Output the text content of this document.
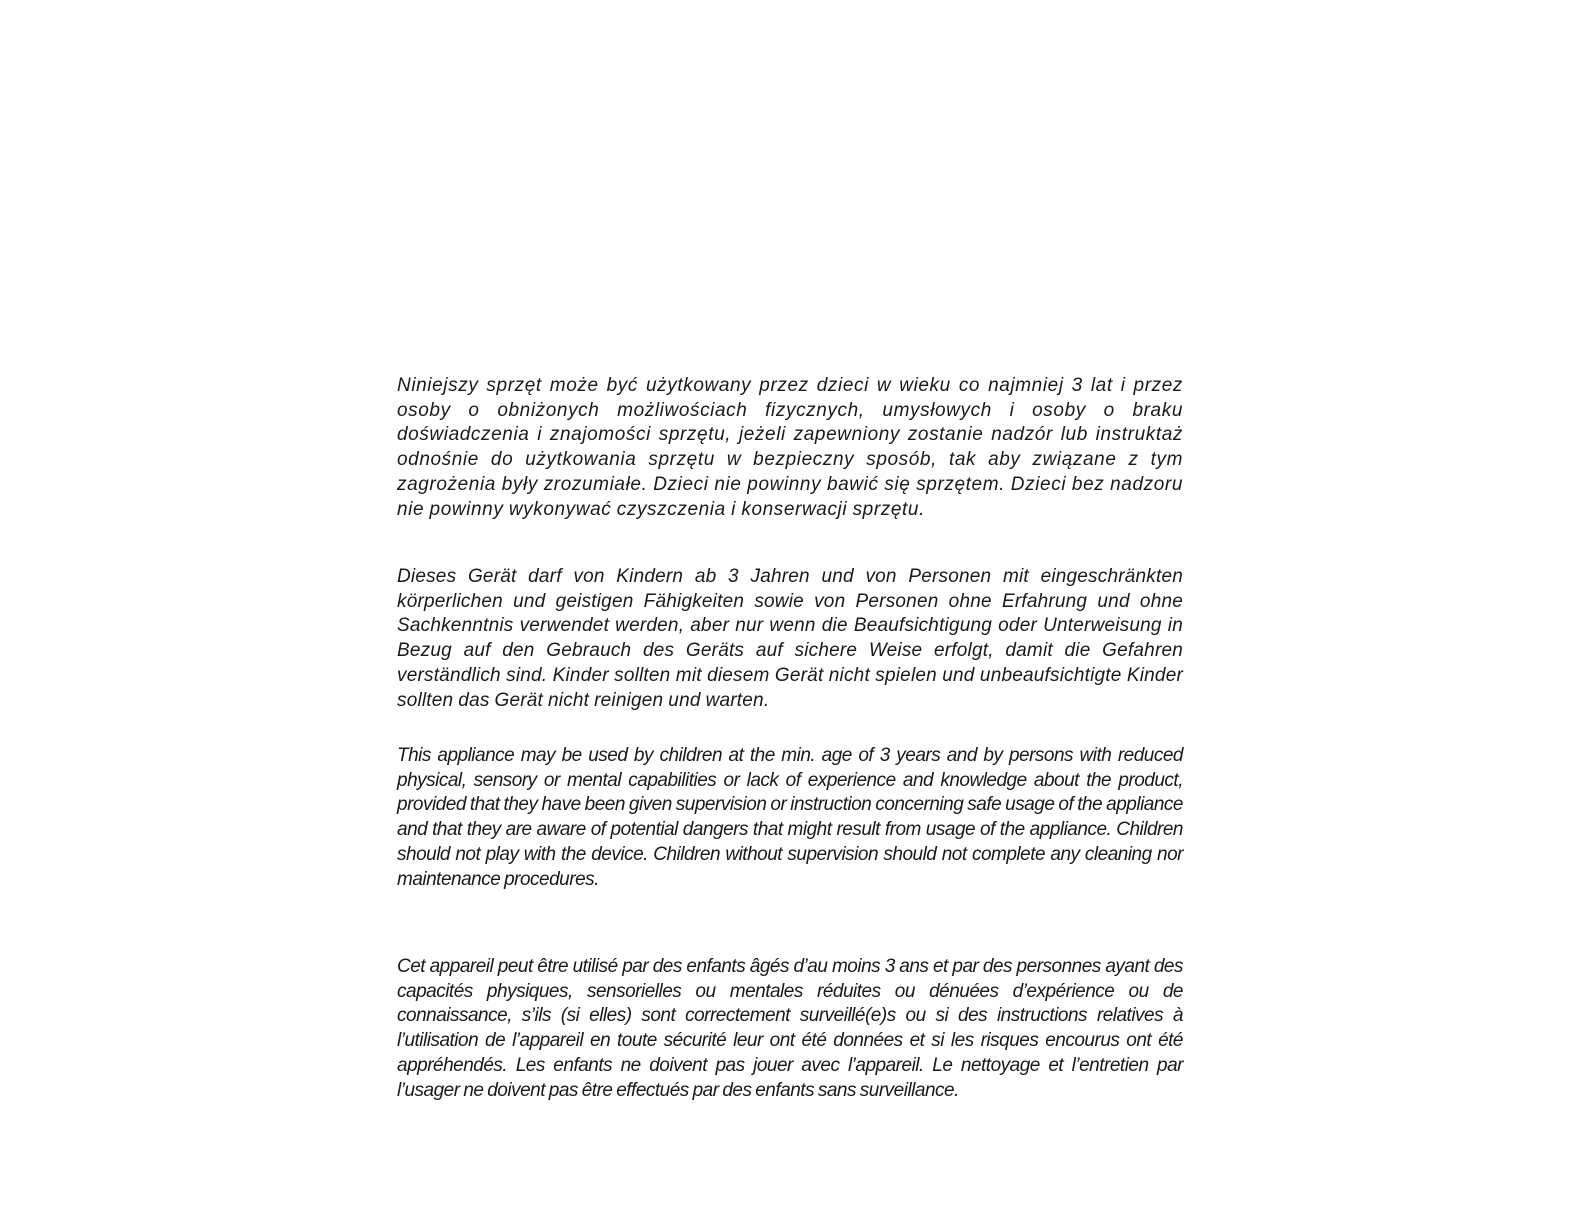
Niniejszy sprzęt może być użytkowany przez dzieci w wieku co najmniej 3 lat i przez osoby o obniżonych możliwościach fizycznych, umysłowych i osoby o braku doświadczenia i znajomości sprzętu, jeżeli zapewniony zostanie nadzór lub instruktaż odnośnie do użytkowania sprzętu w bezpieczny sposób, tak aby związane z tym zagrożenia były zrozumiałe. Dzieci nie powinny bawić się sprzętem. Dzieci bez nadzoru nie powinny wykonywać czyszczenia i konserwacji sprzętu.

Dieses Gerät darf von Kindern ab 3 Jahren und von Personen mit eingeschränkten körperlichen und geistigen Fähigkeiten sowie von Personen ohne Erfahrung und ohne Sachkenntnis verwendet werden, aber nur wenn die Beaufsichtigung oder Unterweisung in Bezug auf den Gebrauch des Geräts auf sichere Weise erfolgt, damit die Gefahren verständlich sind. Kinder sollten mit diesem Gerät nicht spielen und unbeaufsichtigte Kinder sollten das Gerät nicht reinigen und warten.

This appliance may be used by children at the min. age of 3 years and by persons with reduced physical, sensory or mental capabilities or lack of experience and knowledge about the product, provided that they have been given supervision or instruction concerning safe usage of the appliance and that they are aware of potential dangers that might result from usage of the appliance. Children should not play with the device. Children without supervision should not complete any cleaning nor maintenance procedures.

Cet appareil peut être utilisé par des enfants âgés d’au moins 3 ans et par des personnes ayant des capacités physiques, sensorielles ou mentales réduites ou dénuées d’expérience ou de connaissance, s’ils (si elles) sont correctement surveillé(e)s ou si des instructions relatives à l’utilisation de l’appareil en toute sécurité leur ont été données et si les risques encourus ont été appréhendés. Les enfants ne doivent pas jouer avec l’appareil. Le nettoyage et l’entretien par l’usager ne doivent pas être effectués par des enfants sans surveillance.
